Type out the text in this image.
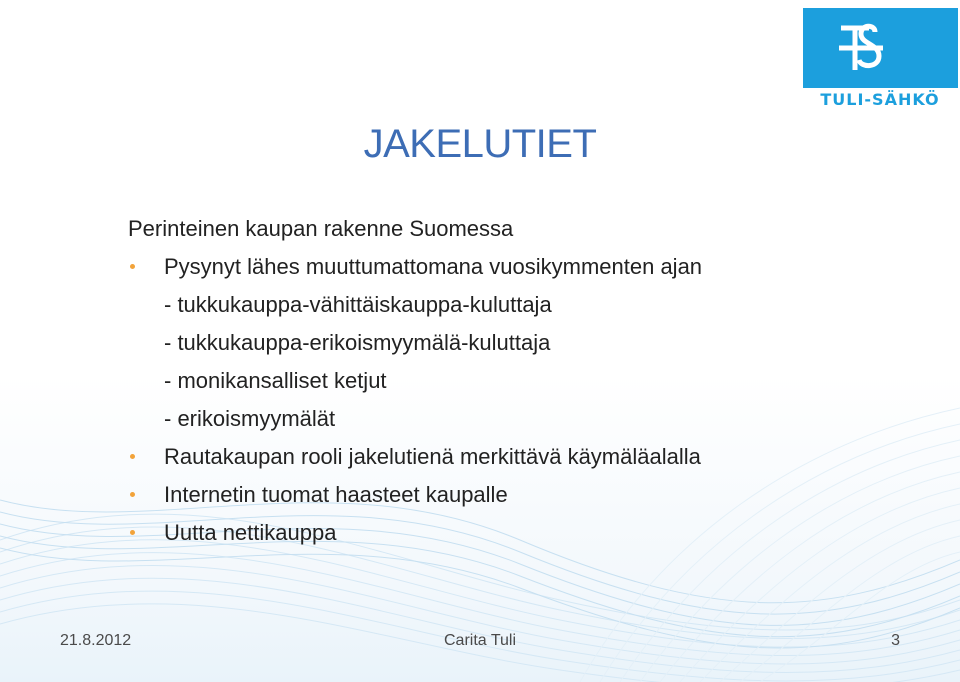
TULI-SÄHKÖ
JAKELUTIET
Perinteinen kaupan rakenne Suomessa
Pysynyt lähes muuttumattomana vuosikymmenten ajan
- tukkukauppa-vähittäiskauppa-kuluttaja
- tukkukauppa-erikoismyymälä-kuluttaja
- monikansalliset ketjut
- erikoismyymälät
Rautakaupan rooli jakelutienä merkittävä käymäläalalla
Internetin tuomat haasteet kaupalle
Uutta nettikauppa
21.8.2012	Carita Tuli	3
